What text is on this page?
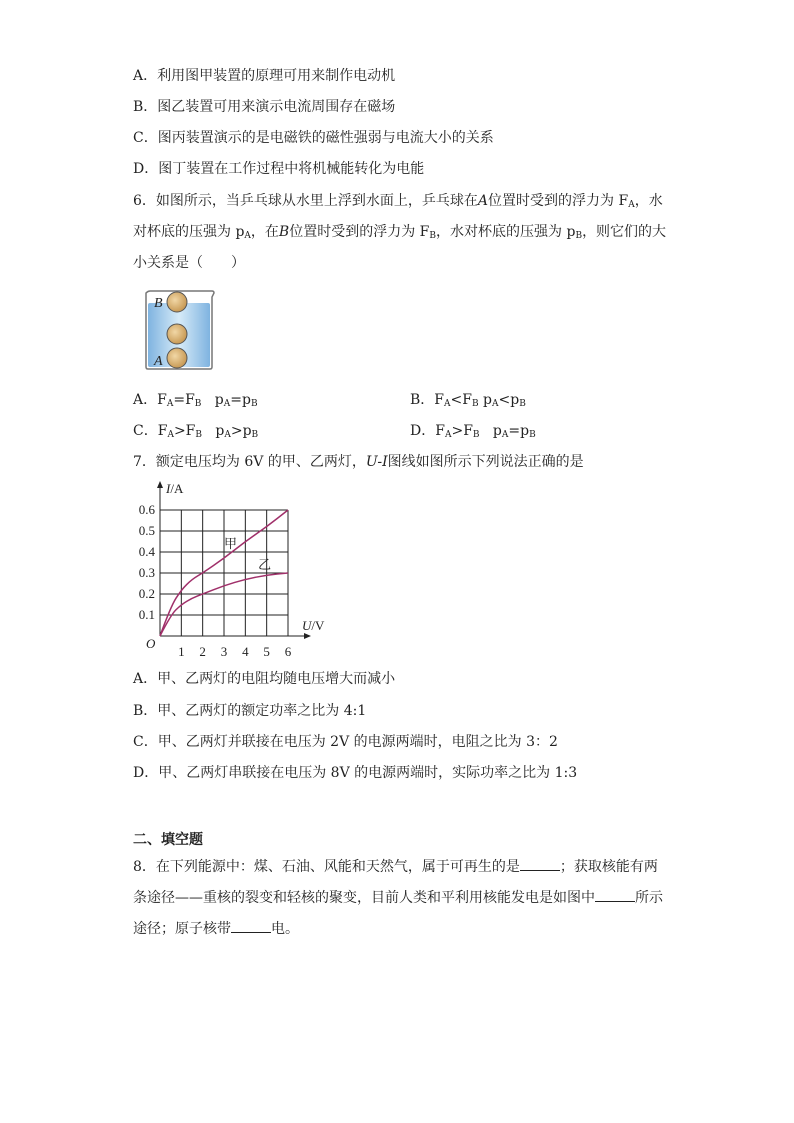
A．利用图甲装置的原理可用来制作电动机
B．图乙装置可用来演示电流周围存在磁场
C．图丙装置演示的是电磁铁的磁性强弱与电流大小的关系
D．图丁装置在工作过程中将机械能转化为电能
6．如图所示，当乒乓球从水里上浮到水面上，乒乓球在A位置时受到的浮力为 $F_A$，水
对杯底的压强为 $p_A$，在B位置时受到的浮力为 $F_B$，水对杯底的压强为 $p_B$，则它们的大
小关系是（　　）
B
A
A．$F_A=F_B$ $p_A=p_B$	B．$F_A<F_B$ $p_A<p_B$
C．$F_A>F_B$ $p_A>p_B$	D．$F_A>F_B$ $p_A=p_B$
7．额定电压均为 6V 的甲、乙两灯，U-I图线如图所示下列说法正确的是
1 2 3 4 5 6
0.1
0.2
0.3
0.4
0.5
0.6
O
I/A
U/V
甲
乙
A．甲、乙两灯的电阻均随电压增大而减小
B．甲、乙两灯的额定功率之比为 4:1
C．甲、乙两灯并联接在电压为 2V 的电源两端时，电阻之比为 3：2
D．甲、乙两灯串联接在电压为 8V 的电源两端时，实际功率之比为 1:3
二、填空题
8．在下列能源中：煤、石油、风能和天然气，属于可再生的是	；获取核能有两
条途径——重核的裂变和轻核的聚变，目前人类和平利用核能发电是如图中	所示
途径；原子核带	电。
